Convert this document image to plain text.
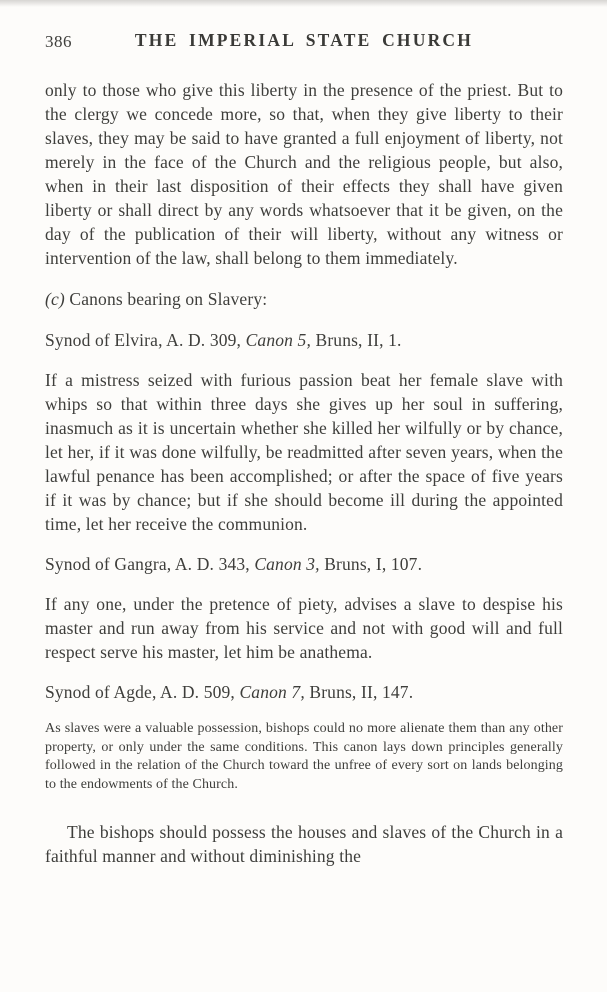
386	THE IMPERIAL STATE CHURCH

only to those who give this liberty in the presence of the priest. But to the clergy we concede more, so that, when they give liberty to their slaves, they may be said to have granted a full enjoyment of liberty, not merely in the face of the Church and the religious people, but also, when in their last disposition of their effects they shall have given liberty or shall direct by any words whatsoever that it be given, on the day of the publication of their will liberty, without any witness or intervention of the law, shall belong to them immediately.

(c) Canons bearing on Slavery:

Synod of Elvira, A. D. 309, Canon 5, Bruns, II, 1.

If a mistress seized with furious passion beat her female slave with whips so that within three days she gives up her soul in suffering, inasmuch as it is uncertain whether she killed her wilfully or by chance, let her, if it was done wilfully, be readmitted after seven years, when the lawful penance has been accomplished; or after the space of five years if it was by chance; but if she should become ill during the appointed time, let her receive the communion.

Synod of Gangra, A. D. 343, Canon 3, Bruns, I, 107.

If any one, under the pretence of piety, advises a slave to despise his master and run away from his service and not with good will and full respect serve his master, let him be anathema.

Synod of Agde, A. D. 509, Canon 7, Bruns, II, 147.

As slaves were a valuable possession, bishops could no more alienate them than any other property, or only under the same conditions. This canon lays down principles generally followed in the relation of the Church toward the unfree of every sort on lands belonging to the endowments of the Church.

The bishops should possess the houses and slaves of the Church in a faithful manner and without diminishing the
